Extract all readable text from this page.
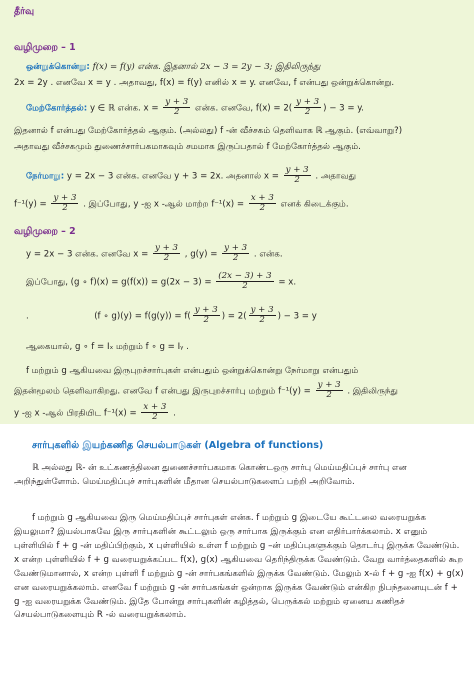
தீர்வு
வழிமுறை – 1
ஒன்றுக்கொன்று: f(x) = f(y) என்க. இதனால் 2x − 3 = 2y − 3; இதிலிருந்து
2x = 2y . எனவே x = y . அதாவது, f(x) = f(y) எனில் x = y. எனவே, f என்பது ஒன்றுக்கொன்று.
மேற்கோர்த்தல்: y ∈ ℝ என்க. $x = \frac{y + 3}{2}$ என்க. எனவே, $f(x) = 2( \frac{y + 3}{2}$ ) − 3 = y.
இதனால் f என்பது மேற்கோர்த்தல் ஆகும். (அல்லது) f -ன் வீச்சகம் தெளிவாக ℝ ஆகும். (எவ்வாறு?)
அதாவது வீச்சகமும் துணைச்சார்பகமாகவும் சமமாக இருப்பதால் f மேற்கோர்த்தல் ஆகும்.
நேர்மாறு: y = 2x − 3 என்க. எனவே y + 3 = 2x. அதனால் $x = \frac{y + 3}{2}$ . அதாவது
$f^{-1}(y) = \frac{y + 3}{2}$ . இப்போது, y -ஐ x -ஆல் மாற்ற $f^{-1}(x) = \frac{x + 3}{2}$ எனக் கிடைக்கும்.
வழிமுறை – 2
y = 2x − 3 என்க. எனவே $x = \frac{y + 3}{2}$ , $g(y) = \frac{y + 3}{2}$ . என்க.
இப்போது, (g ∘ $f)(x) = g(f(x)) = g(2x - 3) = \frac{(2x - 3) + 3}{2} = x$.
.	(f ∘ $g)(y) = f(g(y)) = f( \frac{y + 3}{2}$ ) = $2( \frac{y + 3}{2}$ ) − 3 = y
ஆகையால், g ∘ f = Iₓ மற்றும் f ∘ g = Iᵧ .
f மற்றும் g ஆகியவை இருபுறச்சார்புகள் என்பதும் ஒன்றுக்கொன்று நேர்மாறு என்பதும்
இதன்மூலம் தெளிவாகிறது. எனவே f என்பது இருபுறச்சார்பு மற்றும் $f^{-1}(y) = \frac{y + 3}{2}$ . இதிலிருந்து
y -ஐ x -ஆல் பிரதியிட $f^{-1}(x) = \frac{x + 3}{2}$ .
சார்புகளில் இயற்கணித செயல்பாடுகள் (Algebra of functions)
ℝ அல்லது ℝ- ன் உட்கணத்தினை துணைச்சார்பகமாக கொண்டஒரு சார்பு மெய்மதிப்புச் சார்பு என அறிந்துள்ளோம். மெய்மதிப்புச் சார்புகளின் மீதான செயல்பாடுகளைப் பற்றி அறிவோம்.
f மற்றும் g ஆகியவை இரு மெய்மதிப்புச் சார்புகள் என்க. f மற்றும் g இடையே கூட்டலை வரையறுக்க இயலுமா? இயல்பாகவே இரு சார்புகளின் கூட்டலும் ஒரு சார்பாக இருக்கும் என எதிர்பார்க்கலாம். x எனும் புள்ளியில் f + g -ன் மதிப்பிற்கும், x புள்ளியில் உள்ள f மற்றும் g –ன் மதிப்புகளுக்கும் தொடர்பு இருக்க வேண்டும். x என்ற புள்ளியில் f + g வரையறுக்கப்பட f(x), g(x) ஆகியவை தெரிந்திருக்க வேண்டும். வேறு வார்த்தைகளில் கூற வேண்டுமானால், x என்ற புள்ளி f மற்றும் g -ன் சார்பகங்களில் இருக்க வேண்டும். மேலும் x-ல் f + g -ஐ f(x) + g(x) என வரையறுக்கலாம். எனவே f மற்றும் g -ன் சார்பகங்கள் ஒன்றாக இருக்க வேண்டும் என்கிற நிபந்தனையுடன் f + g -ஐ வரையறுக்க வேண்டும். இதே போன்று சார்புகளின் கழித்தல், பெருக்கல் மற்றும் ஏனைய கணிதச் செயல்பாடுகளையும் R -ல் வரையறுக்கலாம்.
